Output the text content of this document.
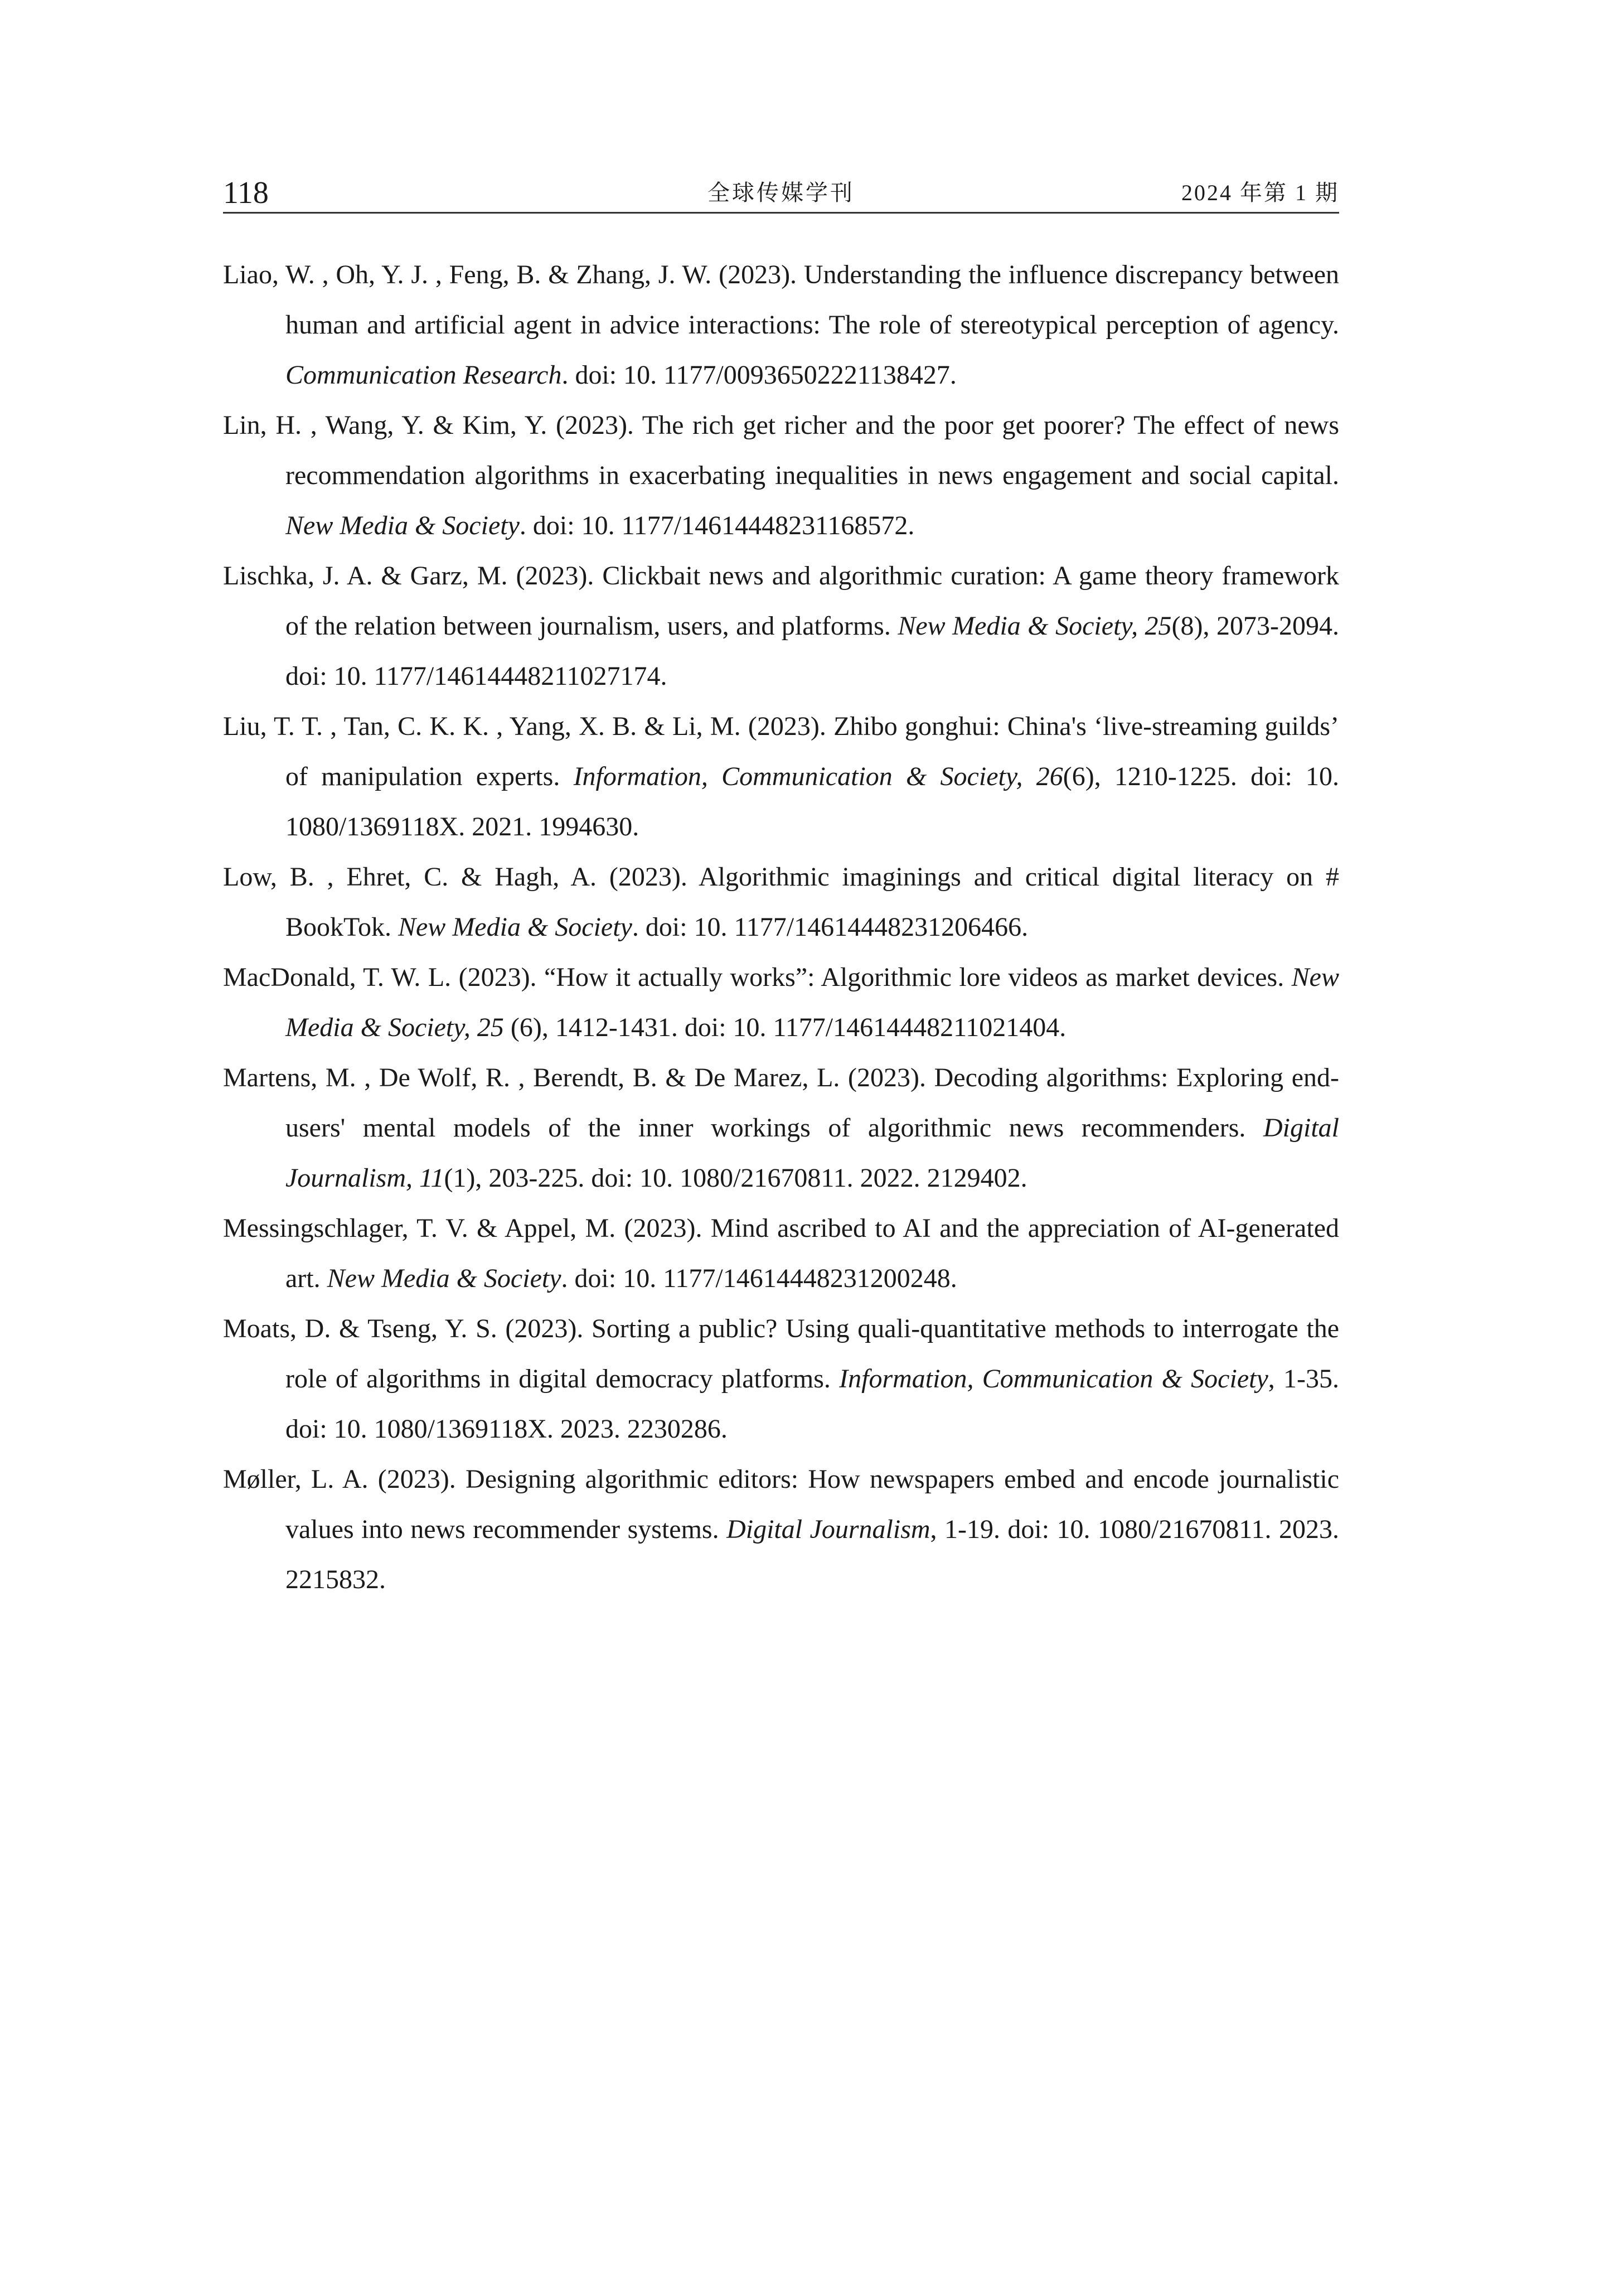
118	全球传媒学刊	2024 年第 1 期
Liao, W. , Oh, Y. J. , Feng, B. & Zhang, J. W. (2023). Understanding the influence discrepancy between human and artificial agent in advice interactions: The role of stereotypical perception of agency. Communication Research. doi: 10. 1177/00936502221138427.
Lin, H. , Wang, Y. & Kim, Y. (2023). The rich get richer and the poor get poorer? The effect of news recommendation algorithms in exacerbating inequalities in news engagement and social capital. New Media & Society. doi: 10. 1177/14614448231168572.
Lischka, J. A. & Garz, M. (2023). Clickbait news and algorithmic curation: A game theory framework of the relation between journalism, users, and platforms. New Media & Society, 25(8), 2073-2094. doi: 10. 1177/14614448211027174.
Liu, T. T. , Tan, C. K. K. , Yang, X. B. & Li, M. (2023). Zhibo gonghui: China's ‘live-streaming guilds’ of manipulation experts. Information, Communication & Society, 26(6), 1210-1225. doi: 10. 1080/1369118X. 2021. 1994630.
Low, B. , Ehret, C. & Hagh, A. (2023). Algorithmic imaginings and critical digital literacy on # BookTok. New Media & Society. doi: 10. 1177/14614448231206466.
MacDonald, T. W. L. (2023). “How it actually works”: Algorithmic lore videos as market devices. New Media & Society, 25 (6), 1412-1431. doi: 10. 1177/14614448211021404.
Martens, M. , De Wolf, R. , Berendt, B. & De Marez, L. (2023). Decoding algorithms: Exploring end-users' mental models of the inner workings of algorithmic news recommenders. Digital Journalism, 11(1), 203-225. doi: 10. 1080/21670811. 2022. 2129402.
Messingschlager, T. V. & Appel, M. (2023). Mind ascribed to AI and the appreciation of AI-generated art. New Media & Society. doi: 10. 1177/14614448231200248.
Moats, D. & Tseng, Y. S. (2023). Sorting a public? Using quali-quantitative methods to interrogate the role of algorithms in digital democracy platforms. Information, Communication & Society, 1-35. doi: 10. 1080/1369118X. 2023. 2230286.
Møller, L. A. (2023). Designing algorithmic editors: How newspapers embed and encode journalistic values into news recommender systems. Digital Journalism, 1-19. doi: 10. 1080/21670811. 2023. 2215832.
